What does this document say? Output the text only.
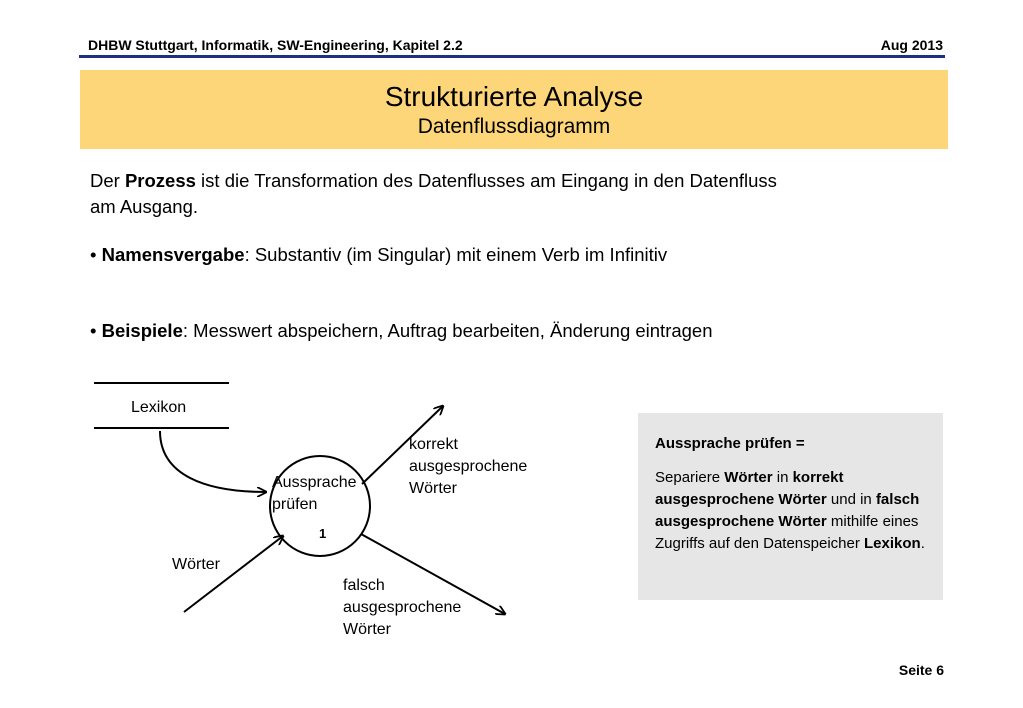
DHBW Stuttgart, Informatik, SW-Engineering, Kapitel 2.2	Aug 2013
Strukturierte Analyse
Datenflussdiagramm
Der Prozess ist die Transformation des Datenflusses am Eingang in den Datenfluss
am Ausgang.
• Namensvergabe: Substantiv (im Singular) mit einem Verb im Infinitiv
• Beispiele: Messwert abspeichern, Auftrag bearbeiten, Änderung eintragen
Lexikon
Aussprache
prüfen
1
Wörter
korrekt
ausgesprochene
Wörter
falsch
ausgesprochene
Wörter
Aussprache prüfen =
Separiere Wörter in korrekt ausgesprochene Wörter und in falsch ausgesprochene Wörter mithilfe eines Zugriffs auf den Datenspeicher Lexikon.
Seite 6
